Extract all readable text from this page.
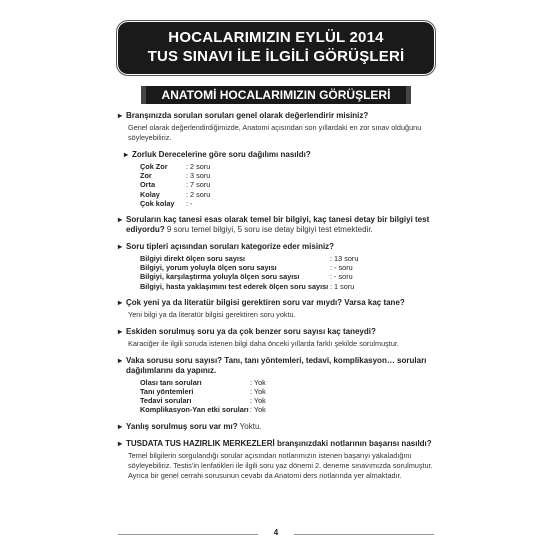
HOCALARIMIZIN EYLÜL 2014
TUS SINAVI İLE İLGİLİ GÖRÜŞLERİ
ANATOMİ HOCALARIMIZIN GÖRÜŞLERİ
▸ Branşınızda sorulan soruları genel olarak değerlendirir misiniz?
Genel olarak değerlendirdiğimizde, Anatomi açısından son yıllardaki en zor sınav olduğunu söyleyebiliriz.
▸ Zorluk Derecelerine göre soru dağılımı nasıldı?
Çok Zor	: 2 soru
Zor	: 3 soru
Orta	: 7 soru
Kolay	: 2 soru
Çok kolay	: -
▸ Soruların kaç tanesi esas olarak temel bir bilgiyi, kaç tanesi detay bir bilgiyi test ediyordu? 9 soru temel bilgiyi, 5 soru ise detay bilgiyi test etmektedir.
▸ Soru tipleri açısından soruları kategorize eder misiniz?
Bilgiyi direkt ölçen soru sayısı	: 13 soru
Bilgiyi, yorum yoluyla ölçen soru sayısı	: - soru
Bilgiyi, karşılaştırma yoluyla ölçen soru sayısı	: - soru
Bilgiyi, hasta yaklaşımını test ederek ölçen soru sayısı : 1 soru
▸ Çok yeni ya da literatür bilgisi gerektiren soru var mıydı? Varsa kaç tane?
Yeni bilgi ya da literatür bilgisi gerektiren soru yoktu.
▸ Eskiden sorulmuş soru ya da çok benzer soru sayısı kaç taneydi?
Karaciğer ile ilgili soruda istenen bilgi daha önceki yıllarda farklı şekilde sorulmuştur.
▸ Vaka sorusu soru sayısı? Tanı, tanı yöntemleri, tedavi, komplikasyon… soruları dağılımlarını da yapınız.
Olası tanı soruları	: Yok
Tanı yöntemleri	: Yok
Tedavi soruları	: Yok
Komplikasyon-Yan etki soruları : Yok
▸ Yanlış sorulmuş soru var mı? Yoktu.
▸ TUSDATA TUS HAZIRLIK MERKEZLERİ branşınızdaki notlarının başarısı nasıldı?
Temel bilgilerin sorgulandığı sorular açısından notlarımızın istenen başarıyı yakaladığını söyleyebiliriz. Testis'in lenfatikleri ile ilgili soru yaz dönemi 2. deneme sınavımızda sorulmuştur. Ayrıca bir genel cerrahi sorusunun cevabı da Anatomi ders notlarında yer almaktadır.
4
